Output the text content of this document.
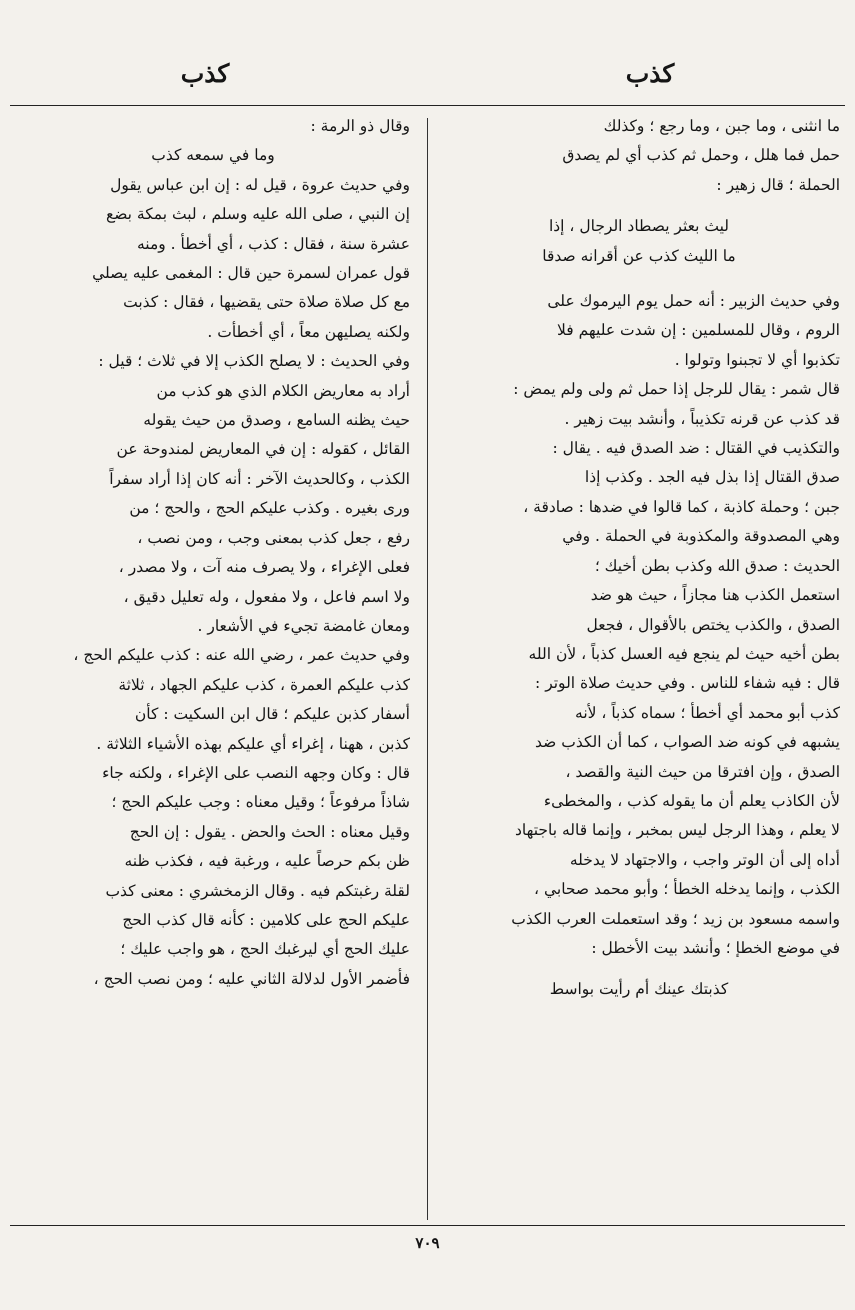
كذب
كذب

ما انثنى ، وما جبن ، وما رجع ؛ وكذلك

حمل فما هلل ، وحمل ثم كذب أي لم يصدق

الحملة ؛ قال زهير :

ليث بعثر يصطاد الرجال ، إذا

ما الليث كذب عن أقرانه صدقا

وفي حديث الزبير : أنه حمل يوم اليرموك على

الروم ، وقال للمسلمين : إن شدت عليهم فلا

تكذبوا أي لا تجبنوا وتولوا .

قال شمر : يقال للرجل إذا حمل ثم ولى ولم يمض :

قد كذب عن قرنه تكذيباً ، وأنشد بيت زهير .

والتكذيب في القتال : ضد الصدق فيه . يقال :

صدق القتال إذا بذل فيه الجد . وكذب إذا

جبن ؛ وحملة كاذبة ، كما قالوا في ضدها : صادقة ،

وهي المصدوقة والمكذوبة في الحملة . وفي

الحديث : صدق الله وكذب بطن أخيك ؛

استعمل الكذب هنا مجازاً ، حيث هو ضد

الصدق ، والكذب يختص بالأقوال ، فجعل

بطن أخيه حيث لم ينجع فيه العسل كذباً ، لأن الله

قال : فيه شفاء للناس . وفي حديث صلاة الوتر :

كذب أبو محمد أي أخطأ ؛ سماه كذباً ، لأنه

يشبهه في كونه ضد الصواب ، كما أن الكذب ضد

الصدق ، وإن افترقا من حيث النية والقصد ،

لأن الكاذب يعلم أن ما يقوله كذب ، والمخطىء

لا يعلم ، وهذا الرجل ليس بمخبر ، وإنما قاله باجتهاد

أداه إلى أن الوتر واجب ، والاجتهاد لا يدخله

الكذب ، وإنما يدخله الخطأ ؛ وأبو محمد صحابي ،

واسمه مسعود بن زيد ؛ وقد استعملت العرب الكذب

في موضع الخطإ ؛ وأنشد بيت الأخطل :

كذبتك عينك أم رأيت بواسط

وقال ذو الرمة :

وما في سمعه كذب

وفي حديث عروة ، قيل له : إن ابن عباس يقول

إن النبي ، صلى الله عليه وسلم ، لبث بمكة بضع

عشرة سنة ، فقال : كذب ، أي أخطأ . ومنه

قول عمران لسمرة حين قال : المغمى عليه يصلي

مع كل صلاة صلاة حتى يقضيها ، فقال : كذبت

ولكنه يصليهن معاً ، أي أخطأت .

وفي الحديث : لا يصلح الكذب إلا في ثلاث ؛ قيل :

أراد به معاريض الكلام الذي هو كذب من

حيث يظنه السامع ، وصدق من حيث يقوله

القائل ، كقوله : إن في المعاريض لمندوحة عن

الكذب ، وكالحديث الآخر : أنه كان إذا أراد سفراً

ورى بغيره . وكذب عليكم الحج ، والحج ؛ من

رفع ، جعل كذب بمعنى وجب ، ومن نصب ،

فعلى الإغراء ، ولا يصرف منه آت ، ولا مصدر ،

ولا اسم فاعل ، ولا مفعول ، وله تعليل دقيق ،

ومعان غامضة تجيء في الأشعار .

وفي حديث عمر ، رضي الله عنه : كذب عليكم الحج ،

كذب عليكم العمرة ، كذب عليكم الجهاد ، ثلاثة

أسفار كذبن عليكم ؛ قال ابن السكيت : كأن

كذبن ، ههنا ، إغراء أي عليكم بهذه الأشياء الثلاثة .

قال : وكان وجهه النصب على الإغراء ، ولكنه جاء

شاذاً مرفوعاً ؛ وقيل معناه : وجب عليكم الحج ؛

وقيل معناه : الحث والحض . يقول : إن الحج

ظن بكم حرصاً عليه ، ورغبة فيه ، فكذب ظنه

لقلة رغبتكم فيه . وقال الزمخشري : معنى كذب

عليكم الحج على كلامين : كأنه قال كذب الحج

عليك الحج أي ليرغبك الحج ، هو واجب عليك ؛

فأضمر الأول لدلالة الثاني عليه ؛ ومن نصب الحج ،

٧٠٩
